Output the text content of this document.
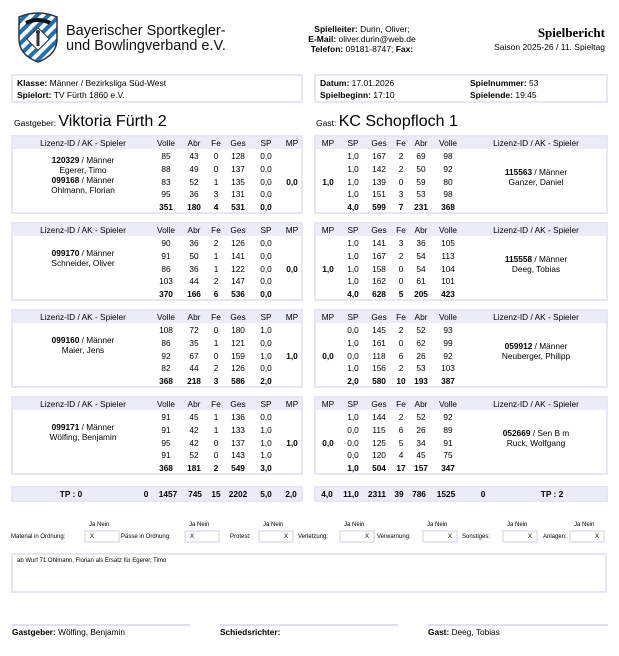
Bayerischer Sportkegler-
und Bowlingverband e.V.
Spielleiter: Durin, Oliver;
E-Mail: oliver.durin@web.de
Telefon: 09181-8747; Fax:
Spielbericht
Saison 2025-26 / 11. Spieltag
Klasse: Männer / Bezirksliga Süd-West
Spielort: TV Fürth 1860 e.V.
Datum: 17.01.2026
Spielbeginn: 17:10
Spielnummer: 53
Spielende: 19:45
Gastgeber: Viktoria Fürth 2	Gast: KC Schopfloch 1
Lizenz-ID / AK - Spieler	Volle	Abr	Fe	Ges	SP	MP
120329 / Männer
Egerer, Timo
099168 / Männer
Ohlmann, Florian
85	43	0	128	0,0
88	49	0	137	0,0
83	52	1	135	0,0
95	36	3	131	0,0
351	180	4	531	0,0
0,0
Lizenz-ID / AK - Spieler	Volle	Abr	Fe	Ges	SP	MP
099170 / Männer
Schneider, Oliver
90	36	2	126	0,0
91	50	1	141	0,0
86	36	1	122	0,0
103	44	2	147	0,0
370	166	6	536	0,0
0,0
Lizenz-ID / AK - Spieler	Volle	Abr	Fe	Ges	SP	MP
099160 / Männer
Maier, Jens
108	72	0	180	1,0
86	35	1	121	0,0
92	67	0	159	1,0
82	44	2	126	0,0
368	218	3	586	2,0
1,0
Lizenz-ID / AK - Spieler	Volle	Abr	Fe	Ges	SP	MP
099171 / Männer
Wölfing, Benjamin
91	45	1	136	0,0
91	42	1	133	1,0
95	42	0	137	1,0
91	52	0	143	1,0
368	181	2	549	3,0
1,0
MP	SP	Ges	Fe	Abr	Volle	Lizenz-ID / AK - Spieler
115563 / Männer
Ganzer, Daniel
1,0	167	2	69	98
1,0	142	2	50	92
1,0	139	0	59	80
1,0	151	3	53	98
4,0	599	7	231	368
1,0
MP	SP	Ges	Fe	Abr	Volle	Lizenz-ID / AK - Spieler
115558 / Männer
Deeg, Tobias
1,0	141	3	36	105
1,0	167	2	54	113
1,0	158	0	54	104
1,0	162	0	61	101
4,0	628	5	205	423
1,0
MP	SP	Ges	Fe	Abr	Volle	Lizenz-ID / AK - Spieler
059912 / Männer
Neuberger, Philipp
0,0	145	2	52	93
1,0	161	0	62	99
0,0	118	6	26	92
1,0	156	2	53	103
2,0	580	10	193	387
0,0
MP	SP	Ges	Fe	Abr	Volle	Lizenz-ID / AK - Spieler
052669 / Sen B m
Ruck, Wolfgang
1,0	144	2	52	92
0,0	115	6	26	89
0,0	125	5	34	91
0,0	120	4	45	75
1,0	504	17	157	347
0,0
TP : 0	0	1457	745	15 2202	5,0	2,0	4,0	11,0	2311	39	786	1525	0	TP : 2
Ja Nein
Material in Ordnung:	X
Ja Nein
Pässe in Ordnung:	X
Ja Nein
Protest:	X
Ja Nein
Verletzung:	X
Ja Nein
Verwarnung:	X
Ja Nein
Sonstiges:	X
Ja Nein
Anlagen:	X
ab Wurf 71 Ohlmann, Florian als Ersatz für Egerer, Timo
Gastgeber: Wölfing, Benjamin	Schiedsrichter:	Gast: Deeg, Tobias
